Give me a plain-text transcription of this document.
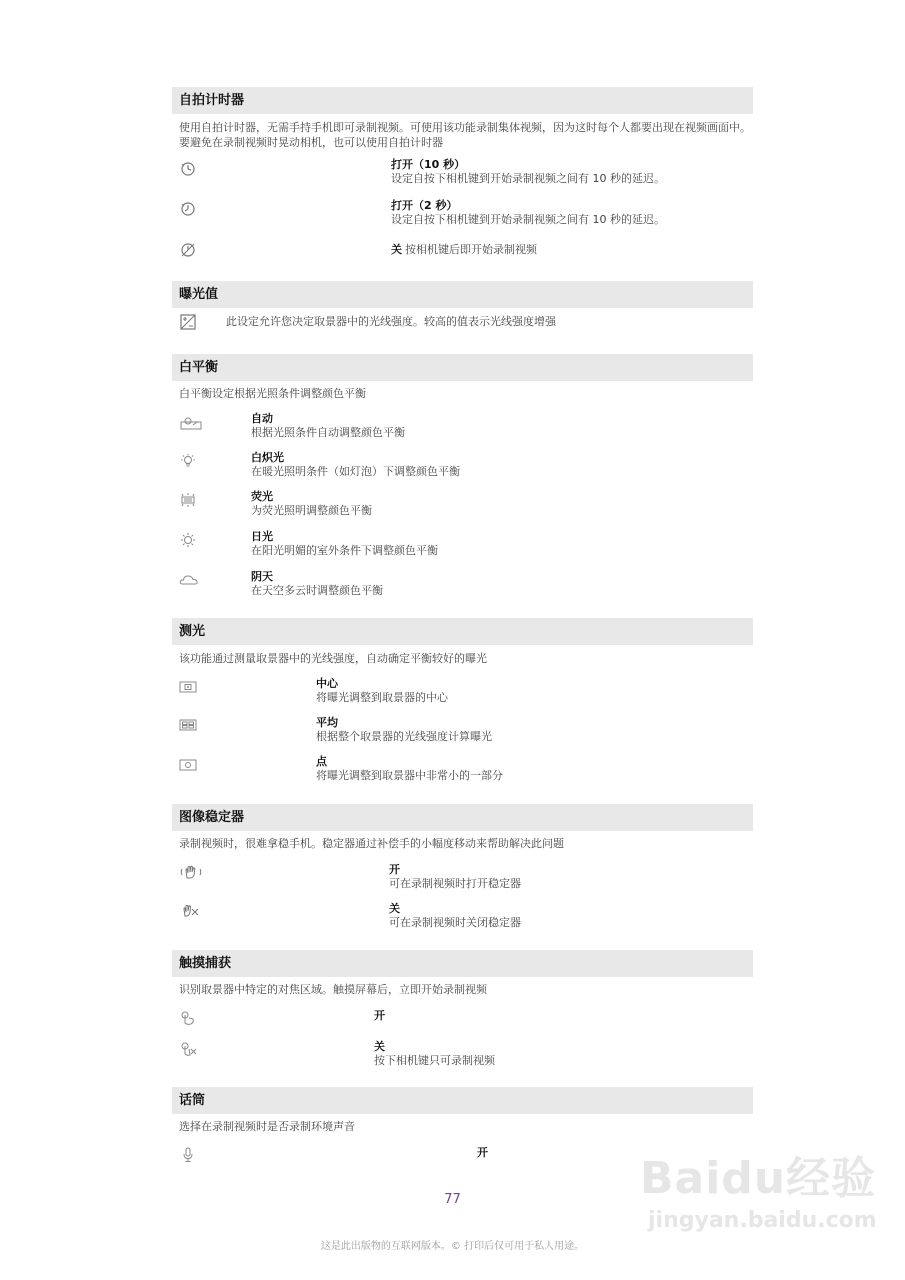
自拍计时器
使用自拍计时器，无需手持手机即可录制视频。可使用该功能录制集体视频，因为这时每个人都要出现在视频画面中。要避免在录制视频时晃动相机，也可以使用自拍计时器
打开（10 秒）
设定自按下相机键到开始录制视频之间有 10 秒的延迟。
打开（2 秒）
设定自按下相机键到开始录制视频之间有 10 秒的延迟。
关 按相机键后即开始录制视频
曝光值
此设定允许您决定取景器中的光线强度。较高的值表示光线强度增强
白平衡
白平衡设定根据光照条件调整颜色平衡
自动
根据光照条件自动调整颜色平衡
白炽光
在暖光照明条件（如灯泡）下调整颜色平衡
荧光
为荧光照明调整颜色平衡
日光
在阳光明媚的室外条件下调整颜色平衡
阴天
在天空多云时调整颜色平衡
测光
该功能通过测量取景器中的光线强度，自动确定平衡较好的曝光
中心
将曝光调整到取景器的中心
平均
根据整个取景器的光线强度计算曝光
点
将曝光调整到取景器中非常小的一部分
图像稳定器
录制视频时，很难拿稳手机。稳定器通过补偿手的小幅度移动来帮助解决此问题
开
可在录制视频时打开稳定器
关
可在录制视频时关闭稳定器
触摸捕获
识别取景器中特定的对焦区域。触摸屏幕后，立即开始录制视频
开
关
按下相机键只可录制视频
话筒
选择在录制视频时是否录制环境声音
开
77
这是此出版物的互联网版本。© 打印后仅可用于私人用途。
Baidu经验
jingyan.baidu.com
